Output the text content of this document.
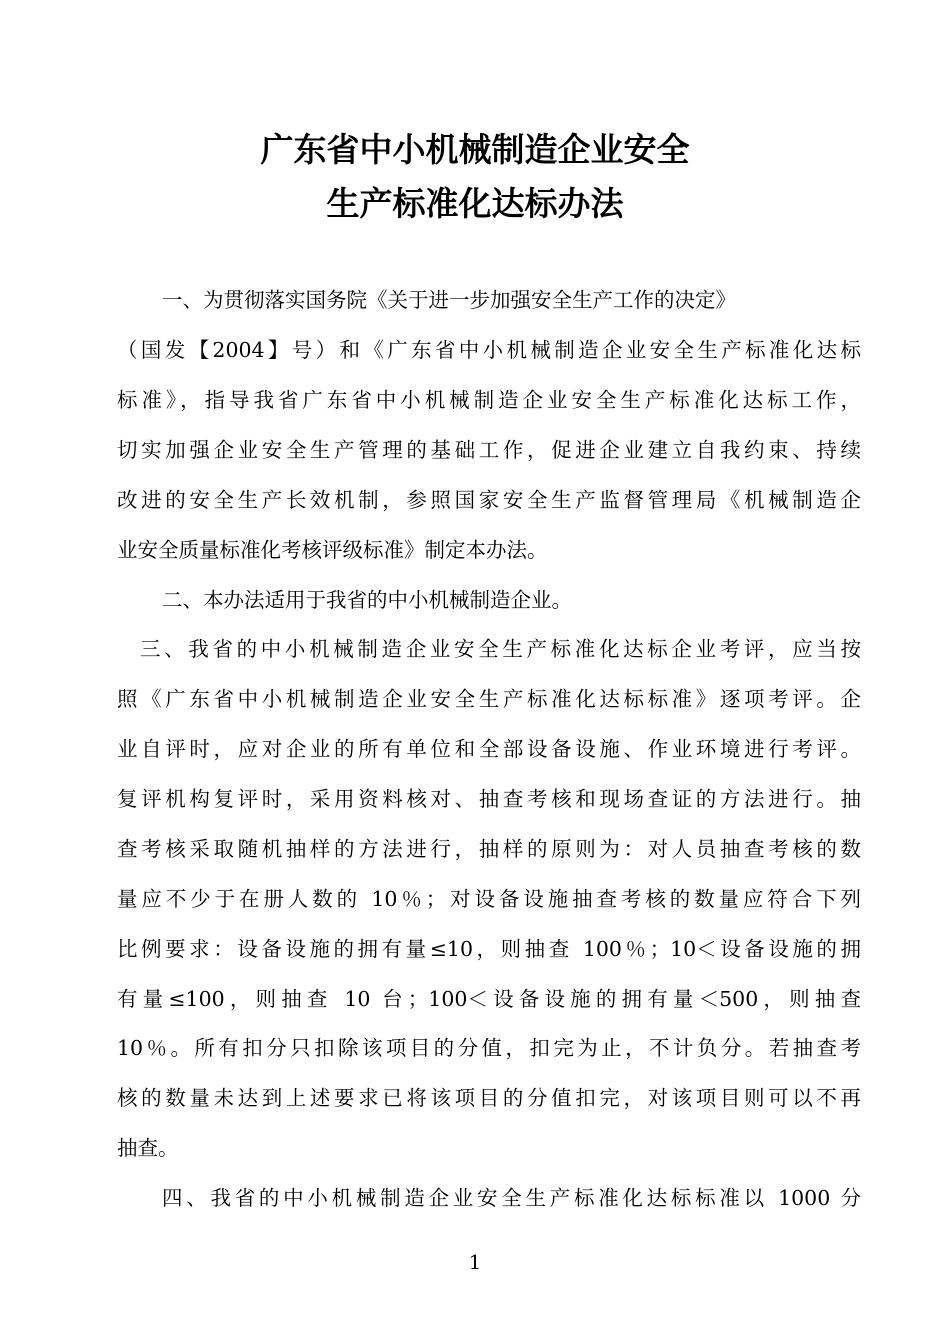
广东省中小机械制造企业安全
生产标准化达标办法
一、为贯彻落实国务院《关于进一步加强安全生产工作的决定》
（国发【2004】号）和《广东省中小机械制造企业安全生产标准化达标
标准》，指导我省广东省中小机械制造企业安全生产标准化达标工作，
切实加强企业安全生产管理的基础工作，促进企业建立自我约束、持续
改进的安全生产长效机制，参照国家安全生产监督管理局《机械制造企
业安全质量标准化考核评级标准》制定本办法。
二、本办法适用于我省的中小机械制造企业。
三、我省的中小机械制造企业安全生产标准化达标企业考评，应当按
照《广东省中小机械制造企业安全生产标准化达标标准》逐项考评。企
业自评时，应对企业的所有单位和全部设备设施、作业环境进行考评。
复评机构复评时，采用资料核对、抽查考核和现场查证的方法进行。抽
查考核采取随机抽样的方法进行，抽样的原则为：对人员抽查考核的数
量应不少于在册人数的 10％；对设备设施抽查考核的数量应符合下列
比例要求：设备设施的拥有量≤10，则抽查 100％；10＜设备设施的拥
有量≤100，则抽查 10 台；100＜设备设施的拥有量＜500，则抽查
10％。所有扣分只扣除该项目的分值，扣完为止，不计负分。若抽查考
核的数量未达到上述要求已将该项目的分值扣完，对该项目则可以不再
抽查。
四、我省的中小机械制造企业安全生产标准化达标标准以 1000 分
1
